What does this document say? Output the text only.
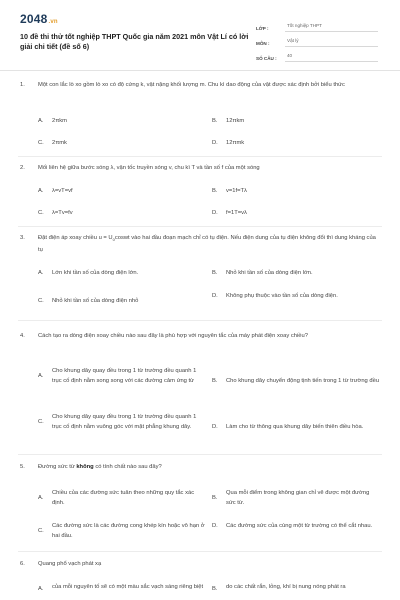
2048.vn
10 đề thi thử tốt nghiệp THPT Quốc gia năm 2021 môn Vật Lí có lời giải chi tiết (đề số 6)
LỚP :
Tốt nghiệp THPT
MÔN :
Vật lý
SỐ CÂU :
40
1.	Một con lắc lò xo gồm lò xo có độ cứng k, vật nặng khối lượng m. Chu kì dao động của vật được xác định bởi biểu thức
A.	2πkm	B.	12πkm
C.	2πmk	D.	12πmk
2.	Mối liên hệ giữa bước sóng λ, vận tốc truyền sóng v, chu kì T và tần số f của một sóng
A.	λ=vT=vf	B.	v=1f=Tλ
C.	λ=Tv=fv	D.	f=1T=vλ
3.	Đặt điện áp xoay chiều $u = U_0coswt$ vào hai đầu đoạn mạch chỉ có tụ điện. Nếu điện dung của tụ điện không đổi thì dung kháng của tụ
A.	Lớn khi tần số của dòng điện lớn.	B.	Nhỏ khi tần số của dòng điện lớn.
C.	Nhỏ khi tần số của dòng điện nhỏ
D.	Không phụ thuộc vào tần số của dòng điện.
4.	Cách tạo ra dòng điện xoay chiều nào sau đây là phù hợp với nguyên tắc của máy phát điện xoay chiều?
A.
Cho khung dây quay đều trong 1 từ trường đều quanh 1 trục cố định nằm song song với các đường cảm ứng từ	B.	Cho khung dây chuyển động tịnh tiến trong 1 từ trường đều
C.
Cho khung dây quay đều trong 1 từ trường đều quanh 1 trục cố định nằm vuông góc với mặt phẳng khung dây.	D.	Làm cho từ thông qua khung dây biến thiên điều hòa.
5.	Đường sức từ không có tính chất nào sau đây?
A.
Chiều của các đường sức tuân theo những quy tắc xác định.
B.
Qua mỗi điểm trong không gian chỉ vẽ được một đường sức từ.
C.
Các đường sức là các đường cong khép kín hoặc vô hạn ở hai đầu.
D.	Các đường sức của cùng một từ trường có thể cắt nhau.
6.	Quang phổ vạch phát xạ
A.	của mỗi nguyên tố sẽ có một màu sắc vạch sáng riêng biệt	B.	do các chất rắn, lỏng, khí bị nung nóng phát ra
